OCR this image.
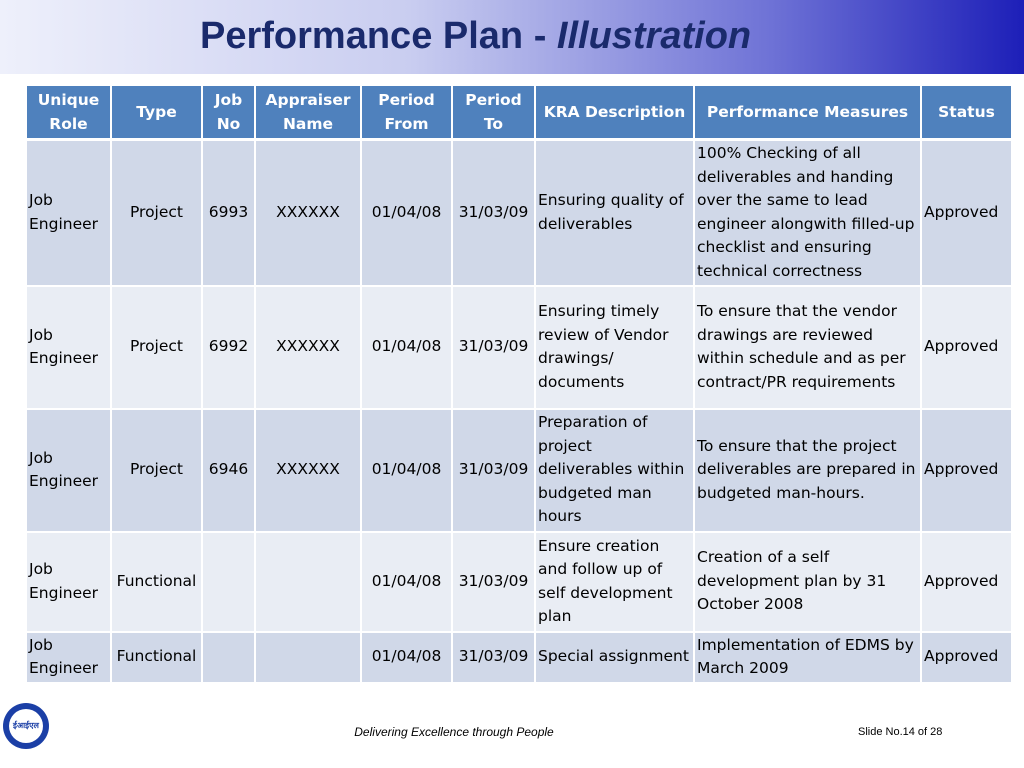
Performance Plan - Illustration
Unique Role	Type	Job No	Appraiser Name	Period From	Period To	KRA Description	Performance Measures	Status
Job Engineer	Project	6993	XXXXXX	01/04/08	31/03/09	Ensuring quality of deliverables	100% Checking of all deliverables and handing over the same to lead engineer alongwith filled-up checklist and ensuring technical correctness	Approved
Job Engineer	Project	6992	XXXXXX	01/04/08	31/03/09	Ensuring timely review of Vendor drawings/ documents	To ensure that the vendor drawings are reviewed within schedule and as per contract/PR requirements	Approved
Job Engineer	Project	6946	XXXXXX	01/04/08	31/03/09	Preparation of project deliverables within budgeted man hours	To ensure that the project deliverables are prepared in budgeted man-hours.	Approved
Job Engineer	Functional			01/04/08	31/03/09	Ensure creation and follow up of self development plan	Creation of a self development plan by 31 October 2008	Approved
Job Engineer	Functional			01/04/08	31/03/09	Special assignment	Implementation of EDMS by March 2009	Approved
ईआईएल	Delivering Excellence through People	Slide No.14 of 28
